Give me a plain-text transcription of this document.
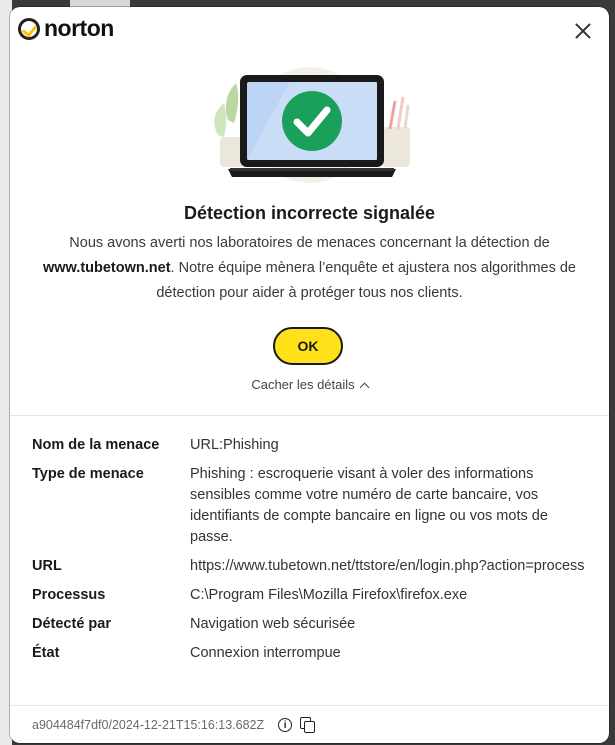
norton
Détection incorrecte signalée
Nous avons averti nos laboratoires de menaces concernant la détection de www.tubetown.net. Notre équipe mènera l’enquête et ajustera nos algorithmes de détection pour aider à protéger tous nos clients.
OK
Cacher les détails
Nom de la menace	URL:Phishing
Type de menace	Phishing : escroquerie visant à voler des informations sensibles comme votre numéro de carte bancaire, vos identifiants de compte bancaire en ligne ou vos mots de passe.
URL	https://www.tubetown.net/ttstore/en/login.php?action=process
Processus	C:\Program Files\Mozilla Firefox\firefox.exe
Détecté par	Navigation web sécurisée
État	Connexion interrompue
a904484f7df0/2024-12-21T15:16:13.682Z	i
